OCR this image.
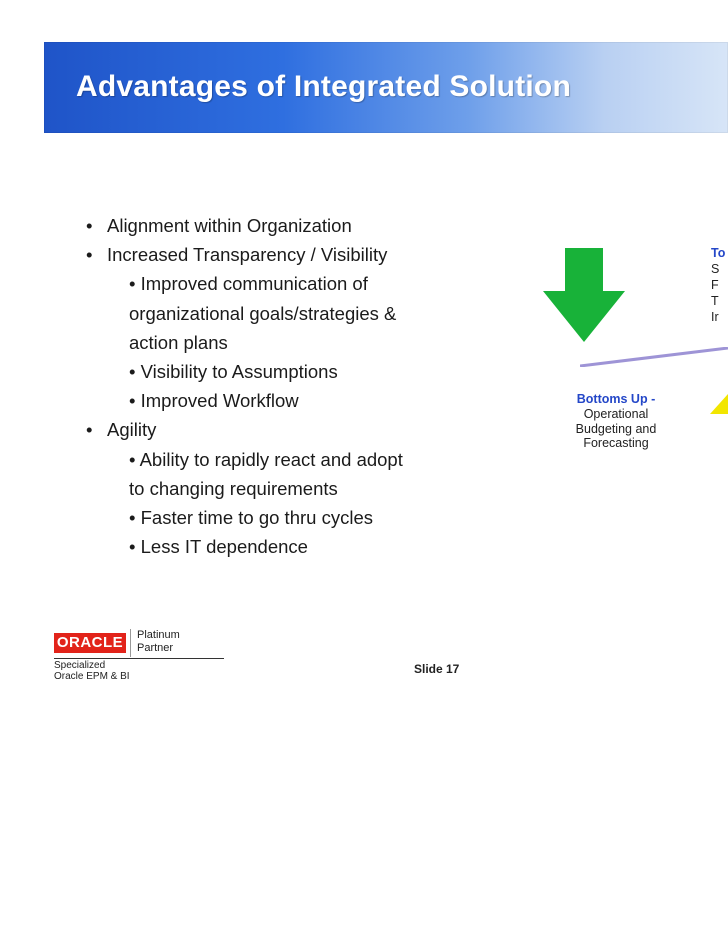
Advantages of Integrated Solution
• Alignment within Organization
• Increased Transparency / Visibility
• Improved communication of
organizational goals/strategies &
action plans
• Visibility to Assumptions
• Improved Workflow
• Agility
• Ability to rapidly react and adopt
to changing requirements
• Faster time to go thru cycles
• Less IT dependence
Bottoms Up -
Operational
Budgeting and
Forecasting
To
S
F
T
Ir
ORACLE Platinum
Partner
Specialized
Oracle EPM & BI
Slide 17
